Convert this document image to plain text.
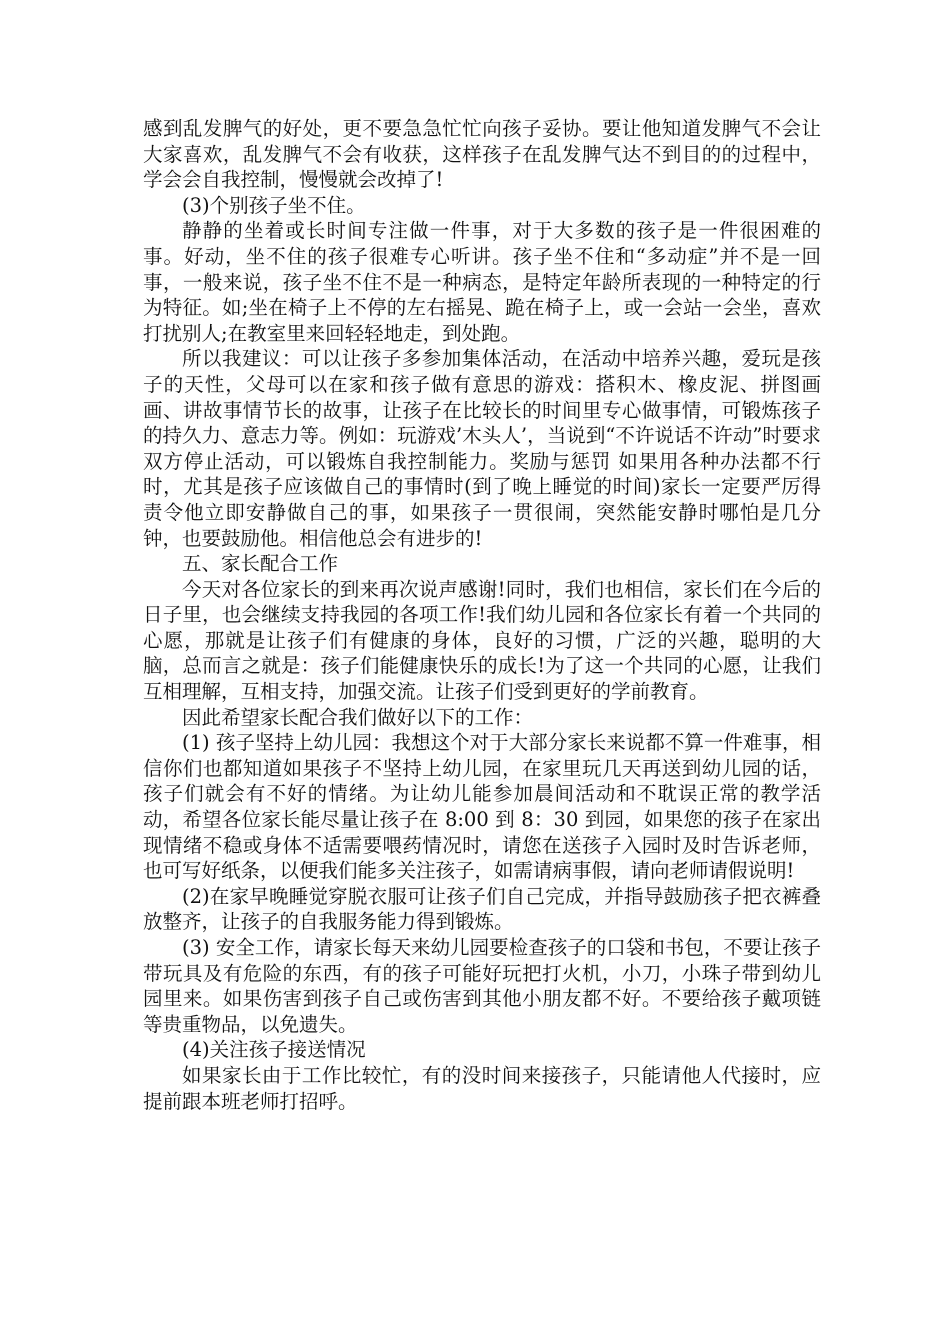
感到乱发脾气的好处，更不要急急忙忙向孩子妥协。要让他知道发脾气不会让大家喜欢，乱发脾气不会有收获，这样孩子在乱发脾气达不到目的的过程中，学会会自我控制，慢慢就会改掉了!

(3)个别孩子坐不住。

静静的坐着或长时间专注做一件事，对于大多数的孩子是一件很困难的事。好动，坐不住的孩子很难专心听讲。孩子坐不住和“多动症”并不是一回事，一般来说，孩子坐不住不是一种病态，是特定年龄所表现的一种特定的行为特征。如;坐在椅子上不停的左右摇晃、跪在椅子上，或一会站一会坐，喜欢打扰别人;在教室里来回轻轻地走，到处跑。

所以我建议：可以让孩子多参加集体活动，在活动中培养兴趣，爱玩是孩子的天性，父母可以在家和孩子做有意思的游戏：搭积木、橡皮泥、拼图画画、讲故事情节长的故事，让孩子在比较长的时间里专心做事情，可锻炼孩子的持久力、意志力等。例如：玩游戏’木头人’，当说到“不许说话不许动”时要求双方停止活动，可以锻炼自我控制能力。奖励与惩罚 如果用各种办法都不行时，尤其是孩子应该做自己的事情时(到了晚上睡觉的时间)家长一定要严厉得责令他立即安静做自己的事，如果孩子一贯很闹，突然能安静时哪怕是几分钟，也要鼓励他。相信他总会有进步的!

五、家长配合工作

今天对各位家长的到来再次说声感谢!同时，我们也相信，家长们在今后的日子里，也会继续支持我园的各项工作!我们幼儿园和各位家长有着一个共同的心愿，那就是让孩子们有健康的身体，良好的习惯，广泛的兴趣，聪明的大脑，总而言之就是：孩子们能健康快乐的成长!为了这一个共同的心愿，让我们互相理解，互相支持，加强交流。让孩子们受到更好的学前教育。

因此希望家长配合我们做好以下的工作：

(1) 孩子坚持上幼儿园：我想这个对于大部分家长来说都不算一件难事，相信你们也都知道如果孩子不坚持上幼儿园，在家里玩几天再送到幼儿园的话，孩子们就会有不好的情绪。为让幼儿能参加晨间活动和不耽误正常的教学活动，希望各位家长能尽量让孩子在 8:00 到 8：30 到园，如果您的孩子在家出现情绪不稳或身体不适需要喂药情况时，请您在送孩子入园时及时告诉老师，也可写好纸条，以便我们能多关注孩子，如需请病事假，请向老师请假说明!

(2)在家早晚睡觉穿脱衣服可让孩子们自己完成，并指导鼓励孩子把衣裤叠放整齐，让孩子的自我服务能力得到锻炼。

(3) 安全工作，请家长每天来幼儿园要检查孩子的口袋和书包，不要让孩子带玩具及有危险的东西，有的孩子可能好玩把打火机，小刀，小珠子带到幼儿园里来。如果伤害到孩子自己或伤害到其他小朋友都不好。不要给孩子戴项链等贵重物品，以免遗失。

(4)关注孩子接送情况

如果家长由于工作比较忙，有的没时间来接孩子，只能请他人代接时，应提前跟本班老师打招呼。
